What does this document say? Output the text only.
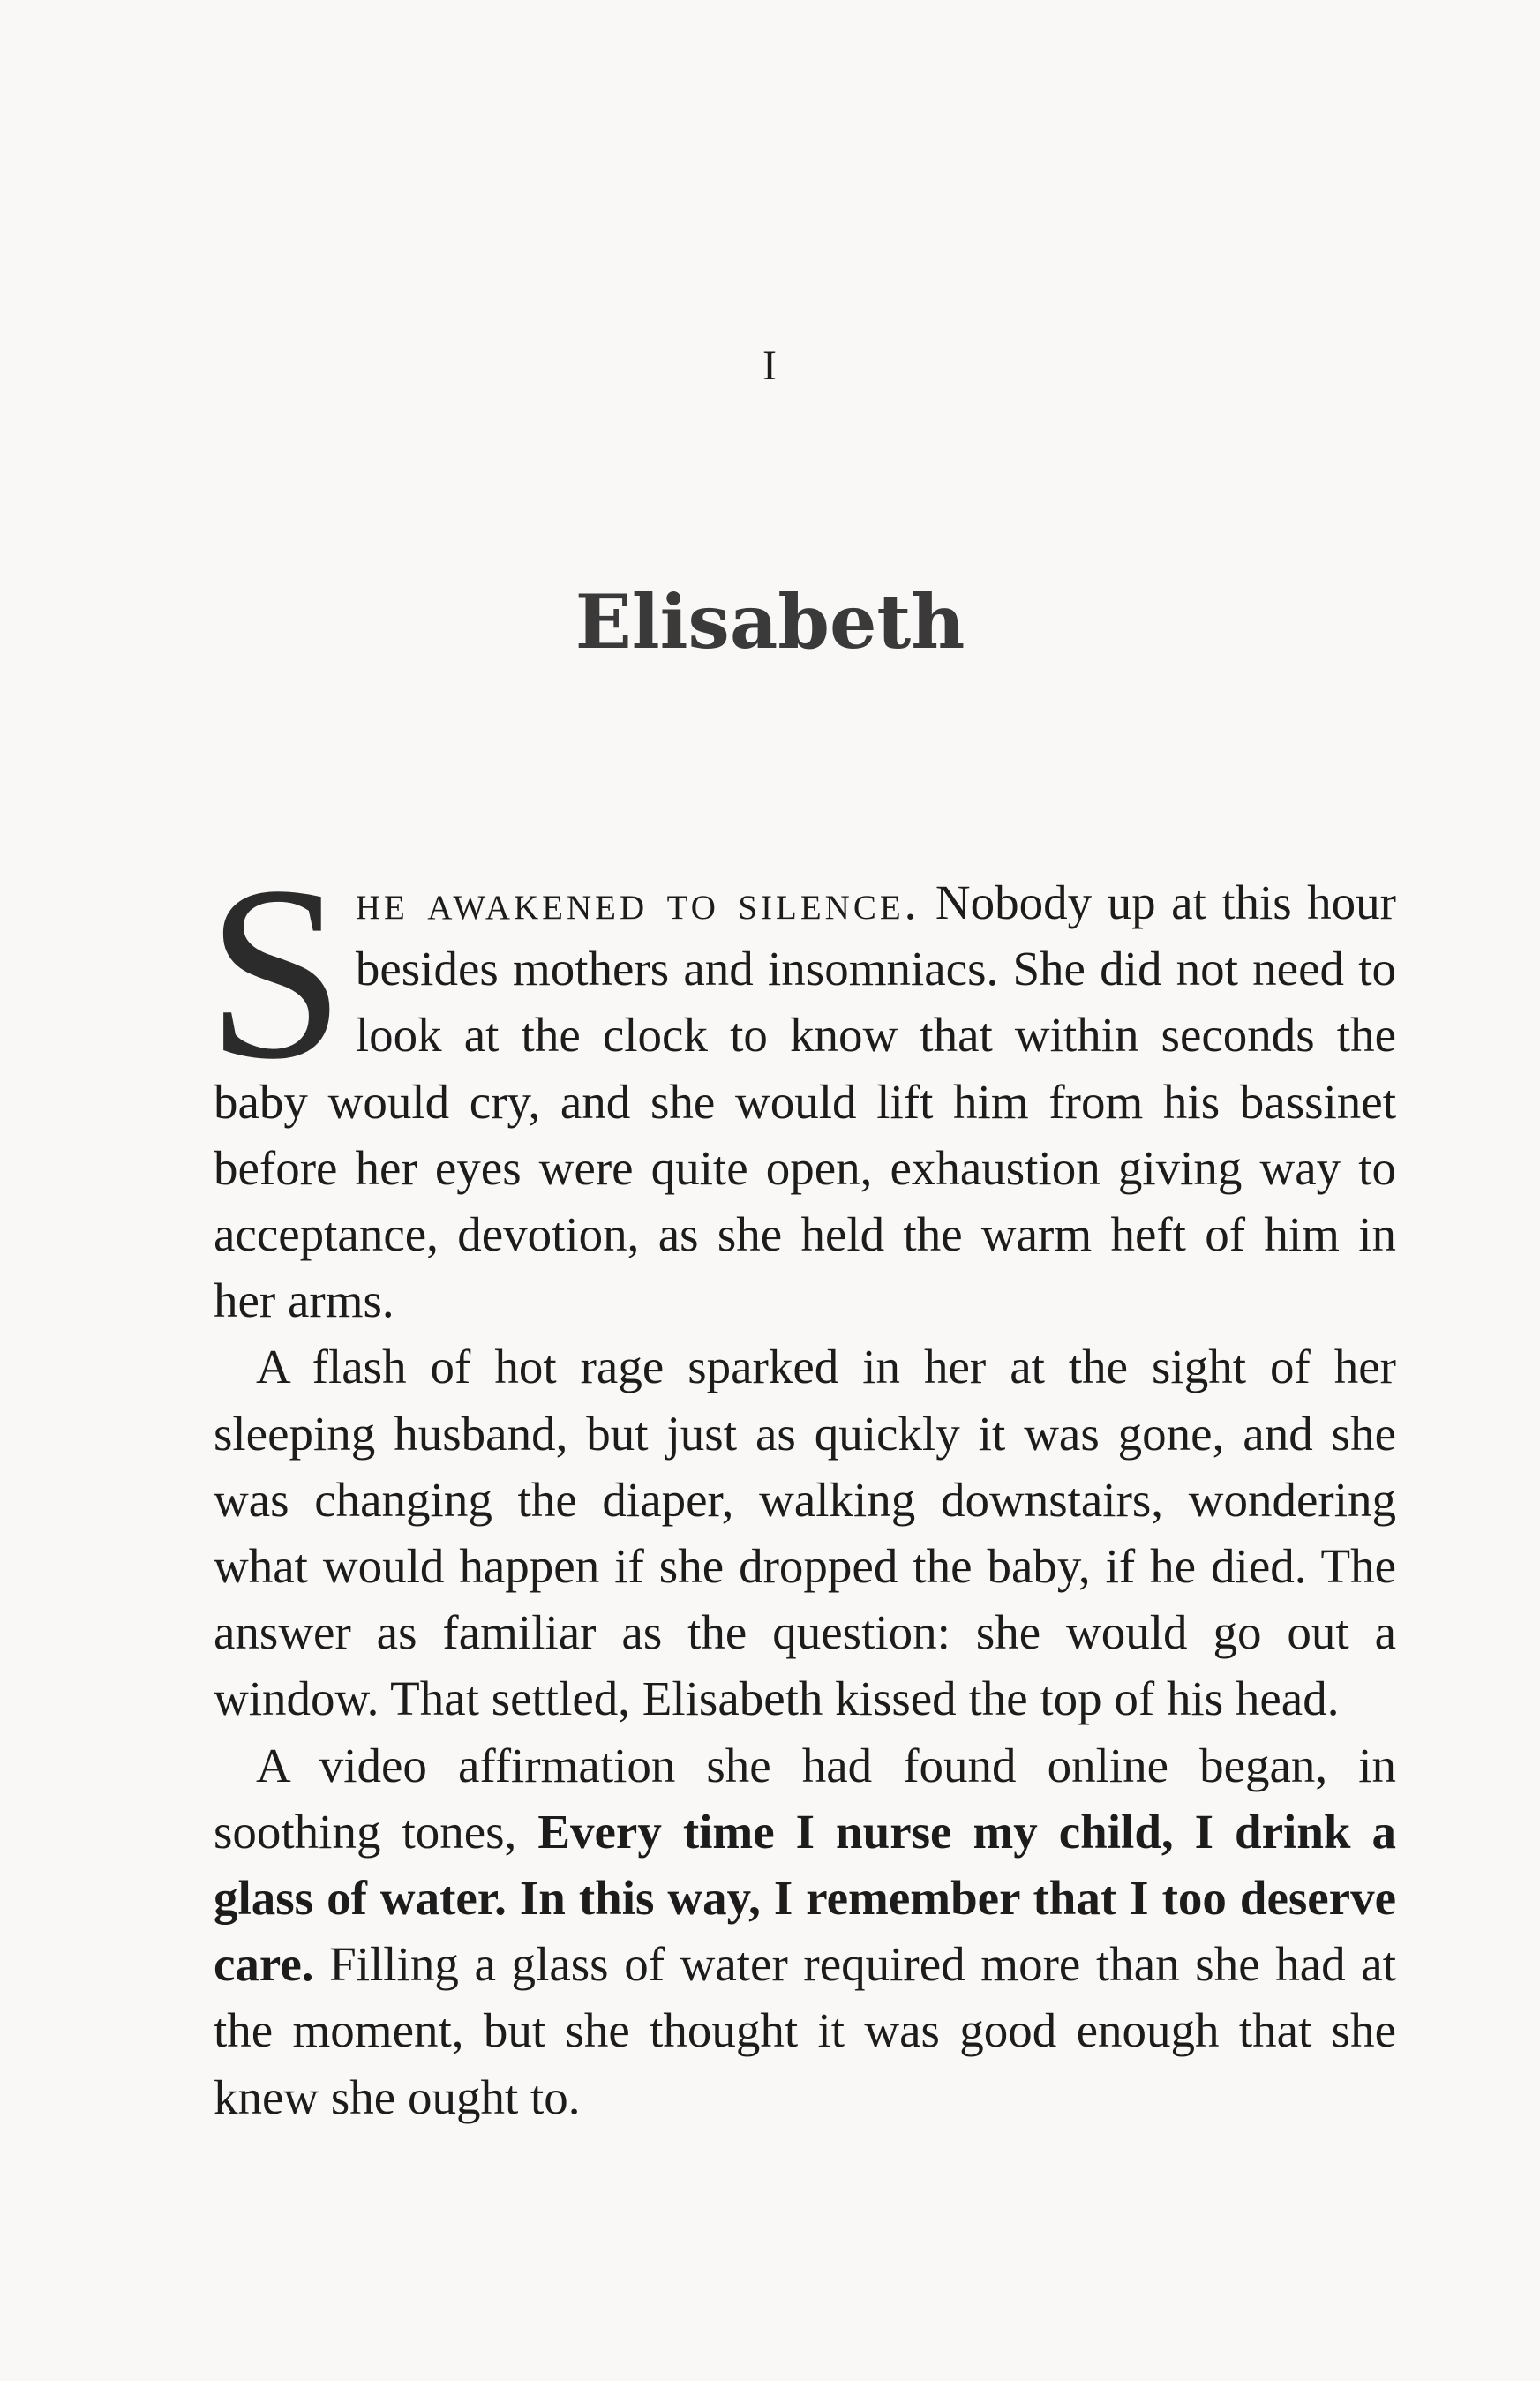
I
Elisabeth

She awakened to silence. Nobody up at this hour besides mothers and insomniacs. She did not need to look at the clock to know that within seconds the baby would cry, and she would lift him from his bassinet before her eyes were quite open, exhaustion giving way to acceptance, devotion, as she held the warm heft of him in her arms.

A flash of hot rage sparked in her at the sight of her sleeping husband, but just as quickly it was gone, and she was changing the diaper, walking downstairs, wondering what would happen if she dropped the baby, if he died. The answer as familiar as the question: she would go out a window. That settled, Elisabeth kissed the top of his head.

A video affirmation she had found online began, in soothing tones, Every time I nurse my child, I drink a glass of water. In this way, I remember that I too deserve care. Filling a glass of water required more than she had at the moment, but she thought it was good enough that she knew she ought to.
